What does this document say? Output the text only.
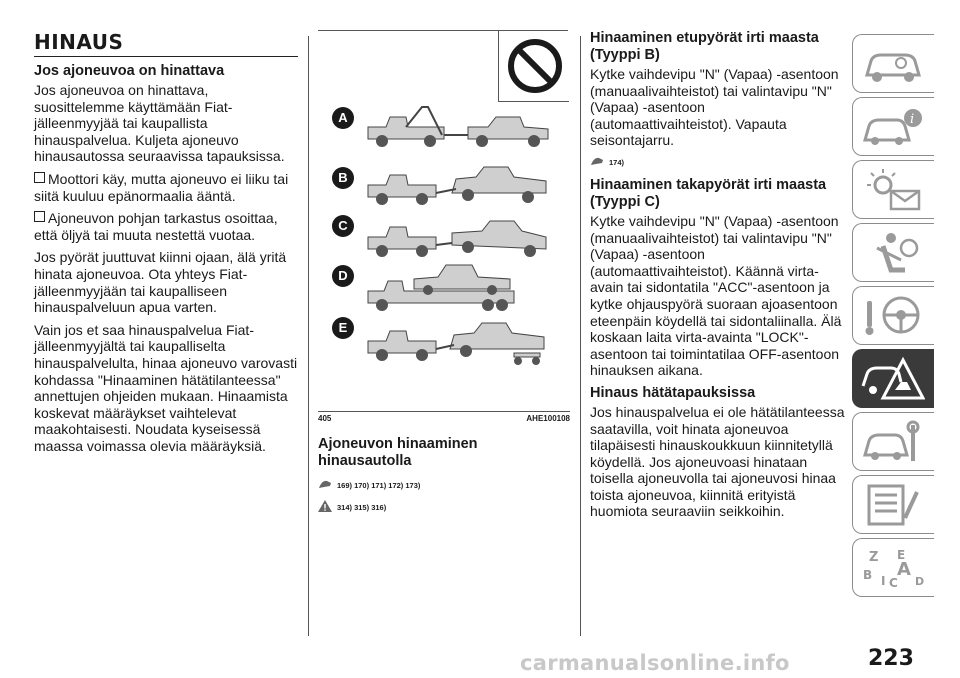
HINAUS
Jos ajoneuvoa on hinattava

Jos ajoneuvoa on hinattava, suosittelemme käyttämään Fiat-jälleenmyyjää tai kaupallista hinauspalvelua. Kuljeta ajoneuvo hinausautossa seuraavissa tapauksissa.

Moottori käy, mutta ajoneuvo ei liiku tai siitä kuuluu epänormaalia ääntä.

Ajoneuvon pohjan tarkastus osoittaa, että öljyä tai muuta nestettä vuotaa.

Jos pyörät juuttuvat kiinni ojaan, älä yritä hinata ajoneuvoa. Ota yhteys Fiat-jälleenmyyjään tai kaupalliseen hinauspalveluun apua varten.

Vain jos et saa hinauspalvelua Fiat-jälleenmyyjältä tai kaupalliselta hinauspalvelulta, hinaa ajoneuvo varovasti kohdassa "Hinaaminen hätätilanteessa" annettujen ohjeiden mukaan. Hinaamista koskevat määräykset vaihtelevat maakohtaisesti. Noudata kyseisessä maassa voimassa olevia määräyksiä.

A
B
C
D
E
405	AHE100108
Ajoneuvon hinaaminen hinausautolla
169) 170) 171) 172) 173)
314) 315) 316)
Hinaaminen etupyörät irti maasta (Tyyppi B)

Kytke vaihdevipu "N" (Vapaa) -asentoon (manuaalivaihteistot) tai valintavipu "N" (Vapaa) -asentoon (automaattivaihteistot). Vapauta seisontajarru.

174)
Hinaaminen takapyörät irti maasta (Tyyppi C)

Kytke vaihdevipu "N" (Vapaa) -asentoon (manuaalivaihteistot) tai valintavipu "N" (Vapaa) -asentoon (automaattivaihteistot). Käännä virta-avain tai sidontatila "ACC"-asentoon ja kytke ohjauspyörä suoraan ajoasentoon eteenpäin köydellä tai sidontaliinalla. Älä koskaan laita virta-avainta "LOCK"-asentoon tai toimintatilaa OFF-asentoon hinauksen aikana.

Hinaus hätätapauksissa

Jos hinauspalvelua ei ole hätätilanteessa saatavilla, voit hinata ajoneuvoa tilapäisesti hinauskoukkuun kiinnitetyllä köydellä. Jos ajoneuvoasi hinataan toisella ajoneuvolla tai ajoneuvosi hinaa toista ajoneuvoa, kiinnitä erityistä huomiota seuraaviin seikkoihin.

i
Z E
B I C
A
D
carmanualsonline.info	223
